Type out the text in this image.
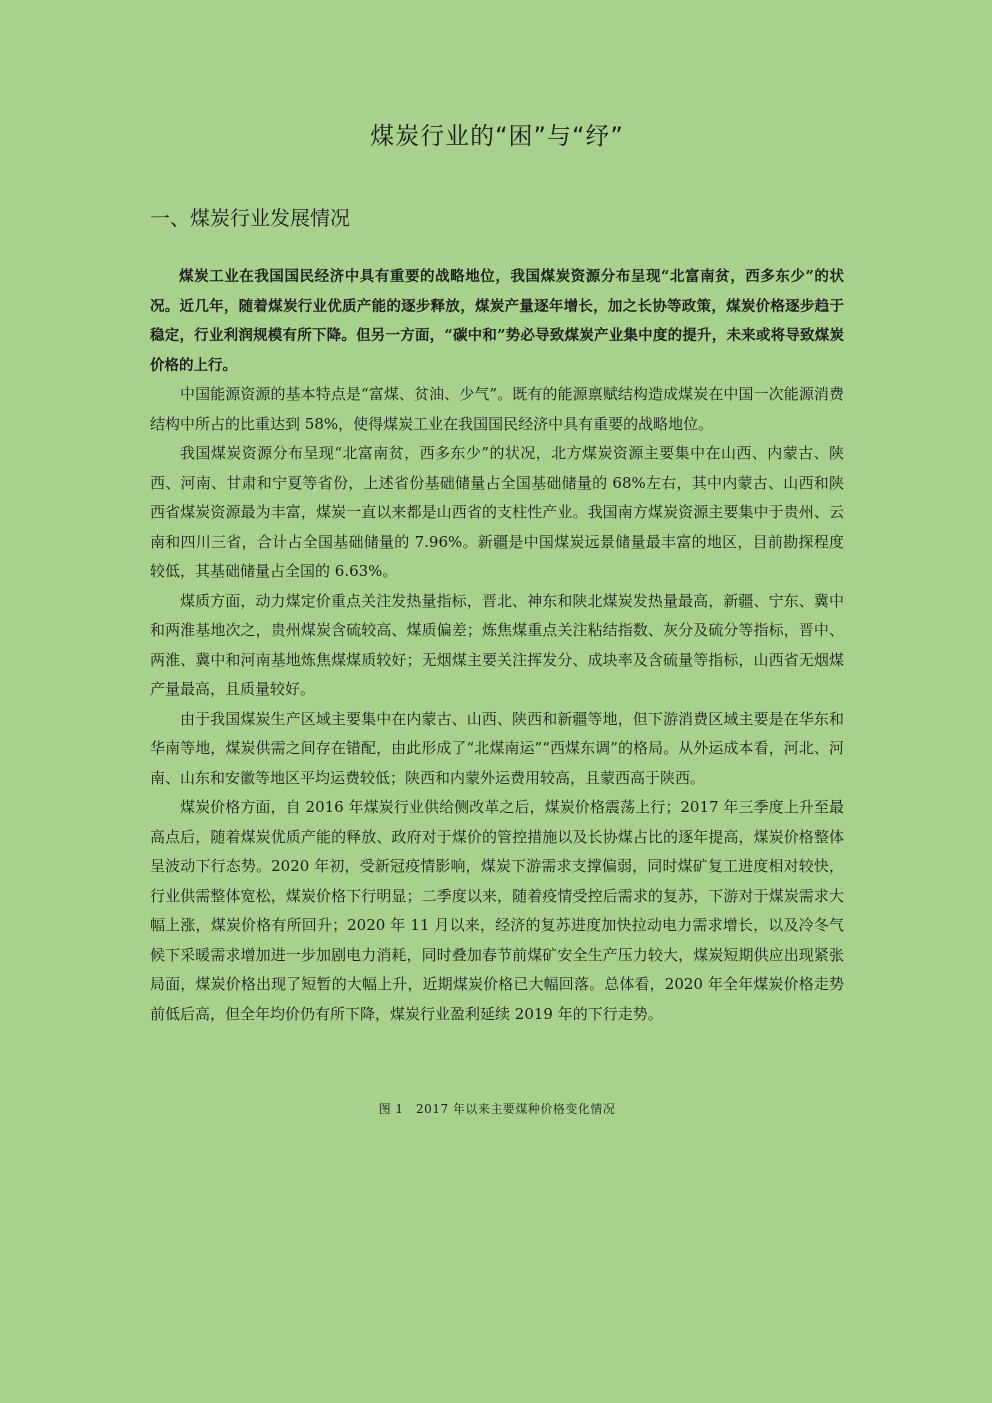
煤炭行业的“困”与“纾”
一、煤炭行业发展情况

煤炭工业在我国国民经济中具有重要的战略地位，我国煤炭资源分布呈现“北富南贫，西多东少”的状况。近几年，随着煤炭行业优质产能的逐步释放，煤炭产量逐年增长，加之长协等政策，煤炭价格逐步趋于稳定，行业利润规模有所下降。但另一方面，“碳中和”势必导致煤炭产业集中度的提升，未来或将导致煤炭价格的上行。

中国能源资源的基本特点是“富煤、贫油、少气”。既有的能源禀赋结构造成煤炭在中国一次能源消费结构中所占的比重达到 58%，使得煤炭工业在我国国民经济中具有重要的战略地位。

我国煤炭资源分布呈现“北富南贫，西多东少”的状况，北方煤炭资源主要集中在山西、内蒙古、陕西、河南、甘肃和宁夏等省份，上述省份基础储量占全国基础储量的 68%左右，其中内蒙古、山西和陕西省煤炭资源最为丰富，煤炭一直以来都是山西省的支柱性产业。我国南方煤炭资源主要集中于贵州、云南和四川三省，合计占全国基础储量的 7.96%。新疆是中国煤炭远景储量最丰富的地区，目前勘探程度较低，其基础储量占全国的 6.63%。

煤质方面，动力煤定价重点关注发热量指标，晋北、神东和陕北煤炭发热量最高，新疆、宁东、冀中和两淮基地次之，贵州煤炭含硫较高、煤质偏差；炼焦煤重点关注粘结指数、灰分及硫分等指标，晋中、两淮、冀中和河南基地炼焦煤煤质较好；无烟煤主要关注挥发分、成块率及含硫量等指标，山西省无烟煤产量最高，且质量较好。

由于我国煤炭生产区域主要集中在内蒙古、山西、陕西和新疆等地，但下游消费区域主要是在华东和华南等地，煤炭供需之间存在错配，由此形成了“北煤南运”“西煤东调”的格局。从外运成本看，河北、河南、山东和安徽等地区平均运费较低；陕西和内蒙外运费用较高，且蒙西高于陕西。

煤炭价格方面，自 2016 年煤炭行业供给侧改革之后，煤炭价格震荡上行；2017 年三季度上升至最高点后，随着煤炭优质产能的释放、政府对于煤价的管控措施以及长协煤占比的逐年提高，煤炭价格整体呈波动下行态势。2020 年初，受新冠疫情影响，煤炭下游需求支撑偏弱，同时煤矿复工进度相对较快，行业供需整体宽松，煤炭价格下行明显；二季度以来，随着疫情受控后需求的复苏，下游对于煤炭需求大幅上涨，煤炭价格有所回升；2020 年 11 月以来，经济的复苏进度加快拉动电力需求增长，以及冷冬气候下采暖需求增加进一步加剧电力消耗，同时叠加春节前煤矿安全生产压力较大，煤炭短期供应出现紧张局面，煤炭价格出现了短暂的大幅上升，近期煤炭价格已大幅回落。总体看，2020 年全年煤炭价格走势前低后高，但全年均价仍有所下降，煤炭行业盈利延续 2019 年的下行走势。

图 1　2017 年以来主要煤种价格变化情况
